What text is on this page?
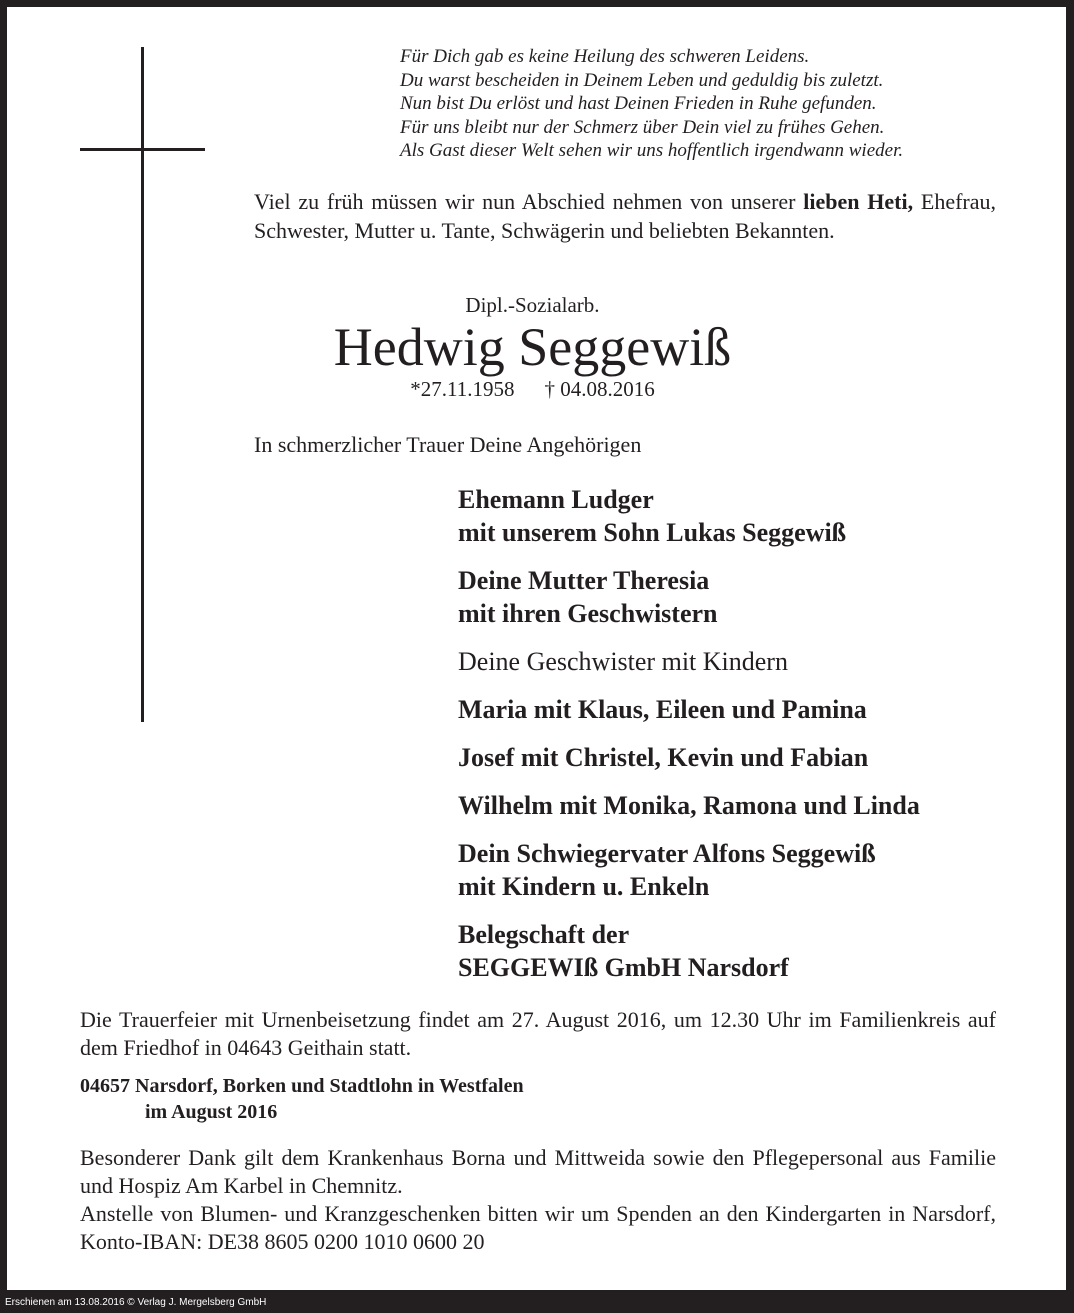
Für Dich gab es keine Heilung des schweren Leidens.
Du warst bescheiden in Deinem Leben und geduldig bis zuletzt.
Nun bist Du erlöst und hast Deinen Frieden in Ruhe gefunden.
Für uns bleibt nur der Schmerz über Dein viel zu frühes Gehen.
Als Gast dieser Welt sehen wir uns hoffentlich irgendwann wieder.
Viel zu früh müssen wir nun Abschied nehmen von unserer lieben Heti, Ehefrau, Schwester, Mutter u. Tante, Schwägerin und beliebten Bekannten.
Dipl.-Sozialarb.
Hedwig Seggewiß
*27.11.1958 † 04.08.2016
In schmerzlicher Trauer Deine Angehörigen
Ehemann Ludger
mit unserem Sohn Lukas Seggewiß
Deine Mutter Theresia
mit ihren Geschwistern
Deine Geschwister mit Kindern
Maria mit Klaus, Eileen und Pamina
Josef mit Christel, Kevin und Fabian
Wilhelm mit Monika, Ramona und Linda
Dein Schwiegervater Alfons Seggewiß
mit Kindern u. Enkeln
Belegschaft der
SEGGEWIß GmbH Narsdorf
Die Trauerfeier mit Urnenbeisetzung findet am 27. August 2016, um 12.30 Uhr im Familienkreis auf dem Friedhof in 04643 Geithain statt.
04657 Narsdorf, Borken und Stadtlohn in Westfalen
im August 2016
Besonderer Dank gilt dem Krankenhaus Borna und Mittweida sowie den Pflegepersonal aus Familie und Hospiz Am Karbel in Chemnitz.
Anstelle von Blumen- und Kranzgeschenken bitten wir um Spenden an den Kindergarten in Narsdorf, Konto-IBAN: DE38 8605 0200 1010 0600 20
Erschienen am 13.08.2016 © Verlag J. Mergelsberg GmbH
